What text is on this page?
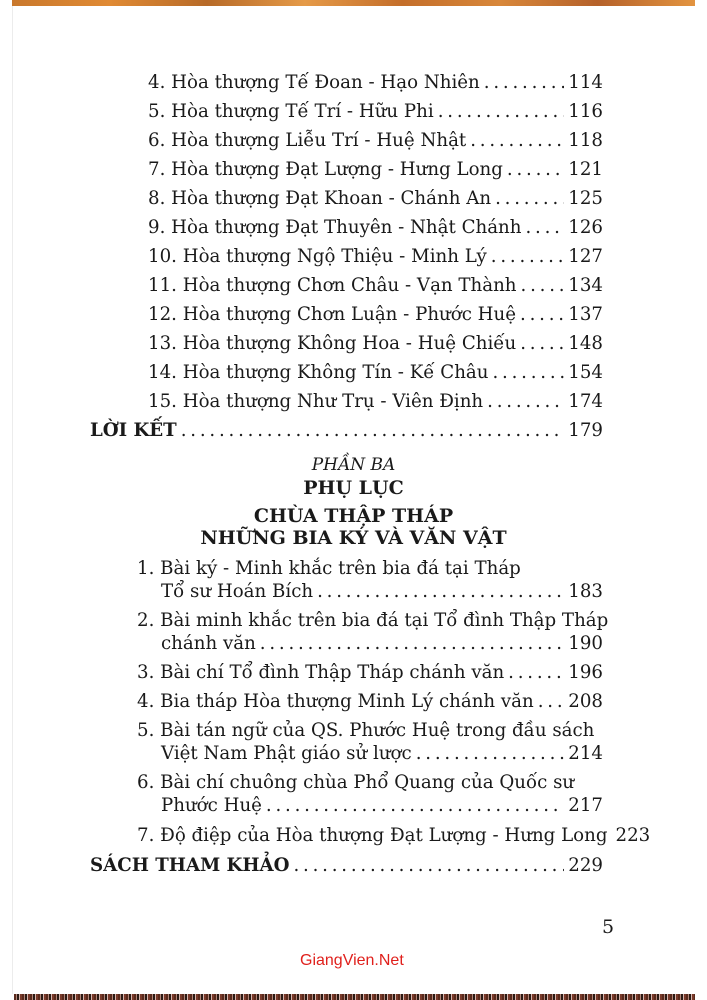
4. Hòa thượng Tế Đoan - Hạo Nhiên . . .	114
5. Hòa thượng Tế Trí - Hữu Phi . . .	116
6. Hòa thượng Liễu Trí - Huệ Nhật . . .	118
7. Hòa thượng Đạt Lượng - Hưng Long . . .	121
8. Hòa thượng Đạt Khoan - Chánh An . . .	125
9. Hòa thượng Đạt Thuyên - Nhật Chánh . . .	126
10. Hòa thượng Ngộ Thiệu - Minh Lý . . .	127
11. Hòa thượng Chơn Châu - Vạn Thành . . .	134
12. Hòa thượng Chơn Luận - Phước Huệ . . .	137
13. Hòa thượng Không Hoa - Huệ Chiếu . . .	148
14. Hòa thượng Không Tín - Kế Châu . . .	154
15. Hòa thượng Như Trụ - Viên Định . . .	174
LỜI KẾT . . .	179
PHẦN BA
PHỤ LỤC
CHÙA THẬP THÁP
NHỮNG BIA KÝ VÀ VĂN VẬT
1. Bài ký - Minh khắc trên bia đá tại Tháp
Tổ sư Hoán Bích . . .	183
2. Bài minh khắc trên bia đá tại Tổ đình Thập Tháp
chánh văn . . .	190
3. Bài chí Tổ đình Thập Tháp chánh văn . . .	196
4. Bia tháp Hòa thượng Minh Lý chánh văn . . . 208
5. Bài tán ngữ của QS. Phước Huệ trong đầu sách
Việt Nam Phật giáo sử lược . . .	214
6. Bài chí chuông chùa Phổ Quang của Quốc sư
Phước Huệ . . .	217
7. Độ điệp của Hòa thượng Đạt Lượng - Hưng Long 223
SÁCH THAM KHẢO . . .	229
5
GiangVien.Net
